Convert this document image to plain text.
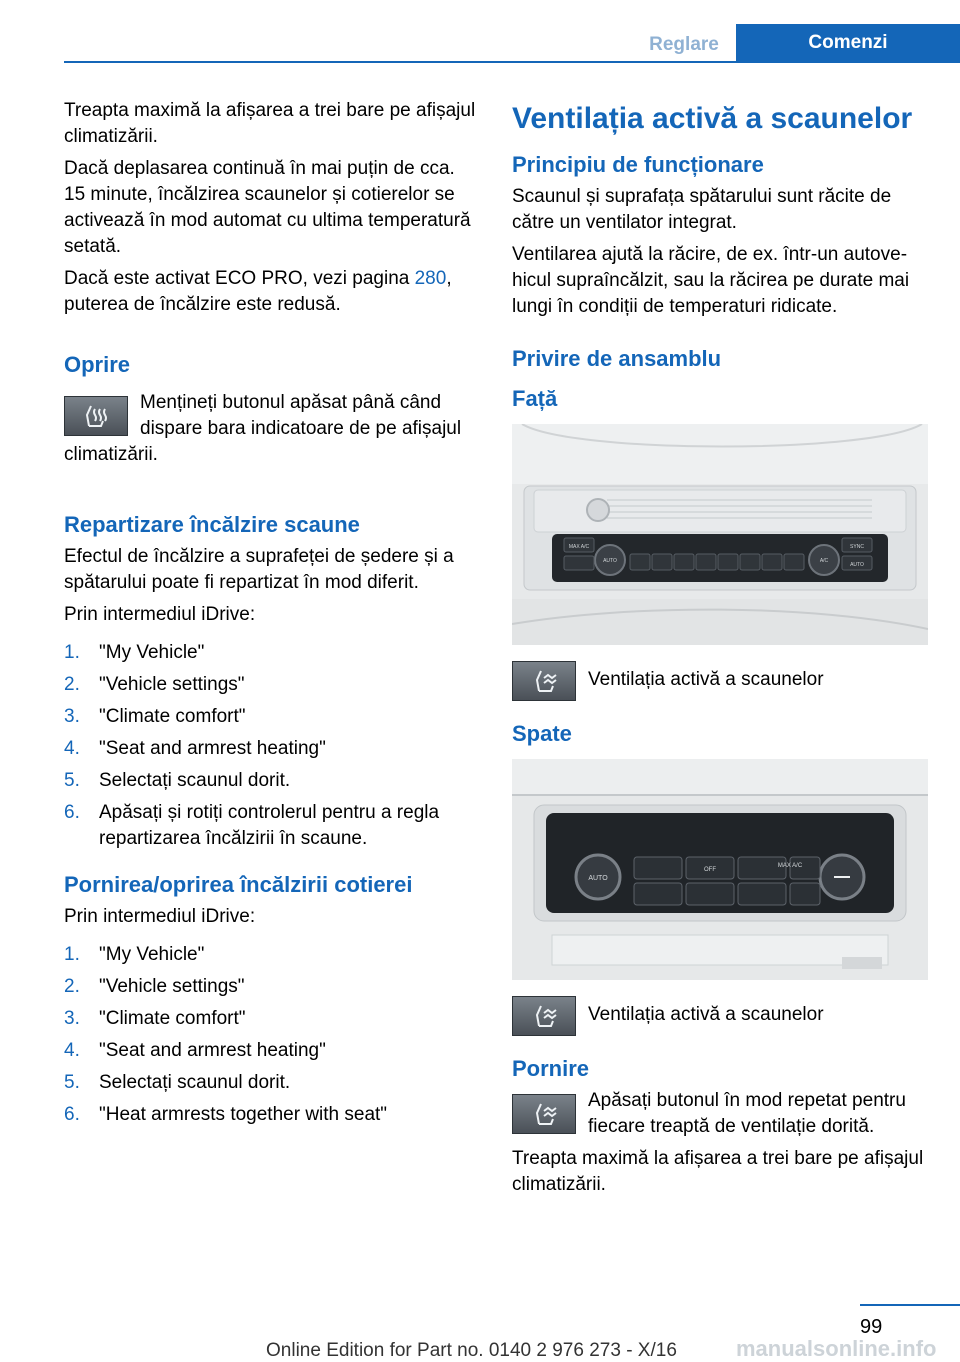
Reglare	Comenzi

Treapta maximă la afișarea a trei bare pe afișajul climatizării.

Dacă deplasarea continuă în mai puțin de cca. 15 minute, încălzirea scaunelor și cotierelor se activează în mod automat cu ultima temperatură setată.

Dacă este activat ECO PRO, vezi pagina 280, puterea de încălzire este redusă.

Oprire

Mențineți butonul apăsat până când dispare bara indicatoare de pe afișajul climatizării.

Repartizare încălzire scaune

Efectul de încălzire a suprafeței de ședere și a spătarului poate fi repartizat în mod diferit.

Prin intermediul iDrive:

1. "My Vehicle"
2. "Vehicle settings"
3. "Climate comfort"
4. "Seat and armrest heating"
5. Selectați scaunul dorit.
6. Apăsați și rotiți controlerul pentru a regla repartizarea încălzirii în scaune.
Pornirea/oprirea încălzirii cotierei

Prin intermediul iDrive:

1. "My Vehicle"
2. "Vehicle settings"
3. "Climate comfort"
4. "Seat and armrest heating"
5. Selectați scaunul dorit.
6. "Heat armrests together with seat"
Ventilația activă a scaunelor
Principiu de funcționare

Scaunul și suprafața spătarului sunt răcite de către un ventilator integrat.

Ventilarea ajută la răcire, de ex. într-un autovehicul supraîncălzit, sau la răcirea pe durate mai lungi în condiții de temperaturi ridicate.

Privire de ansamblu
Față
MAX A/C
AUTO
SYNC
AUTO
A/C

Ventilația activă a scaunelor

Spate
AUTO
OFF
MAX A/C

Ventilația activă a scaunelor

Pornire

Apăsați butonul în mod repetat pentru fiecare treaptă de ventilație dorită.

Treapta maximă la afișarea a trei bare pe afișajul climatizării.

99
Online Edition for Part no. 0140 2 976 273 - X/16	manualsonline.info
